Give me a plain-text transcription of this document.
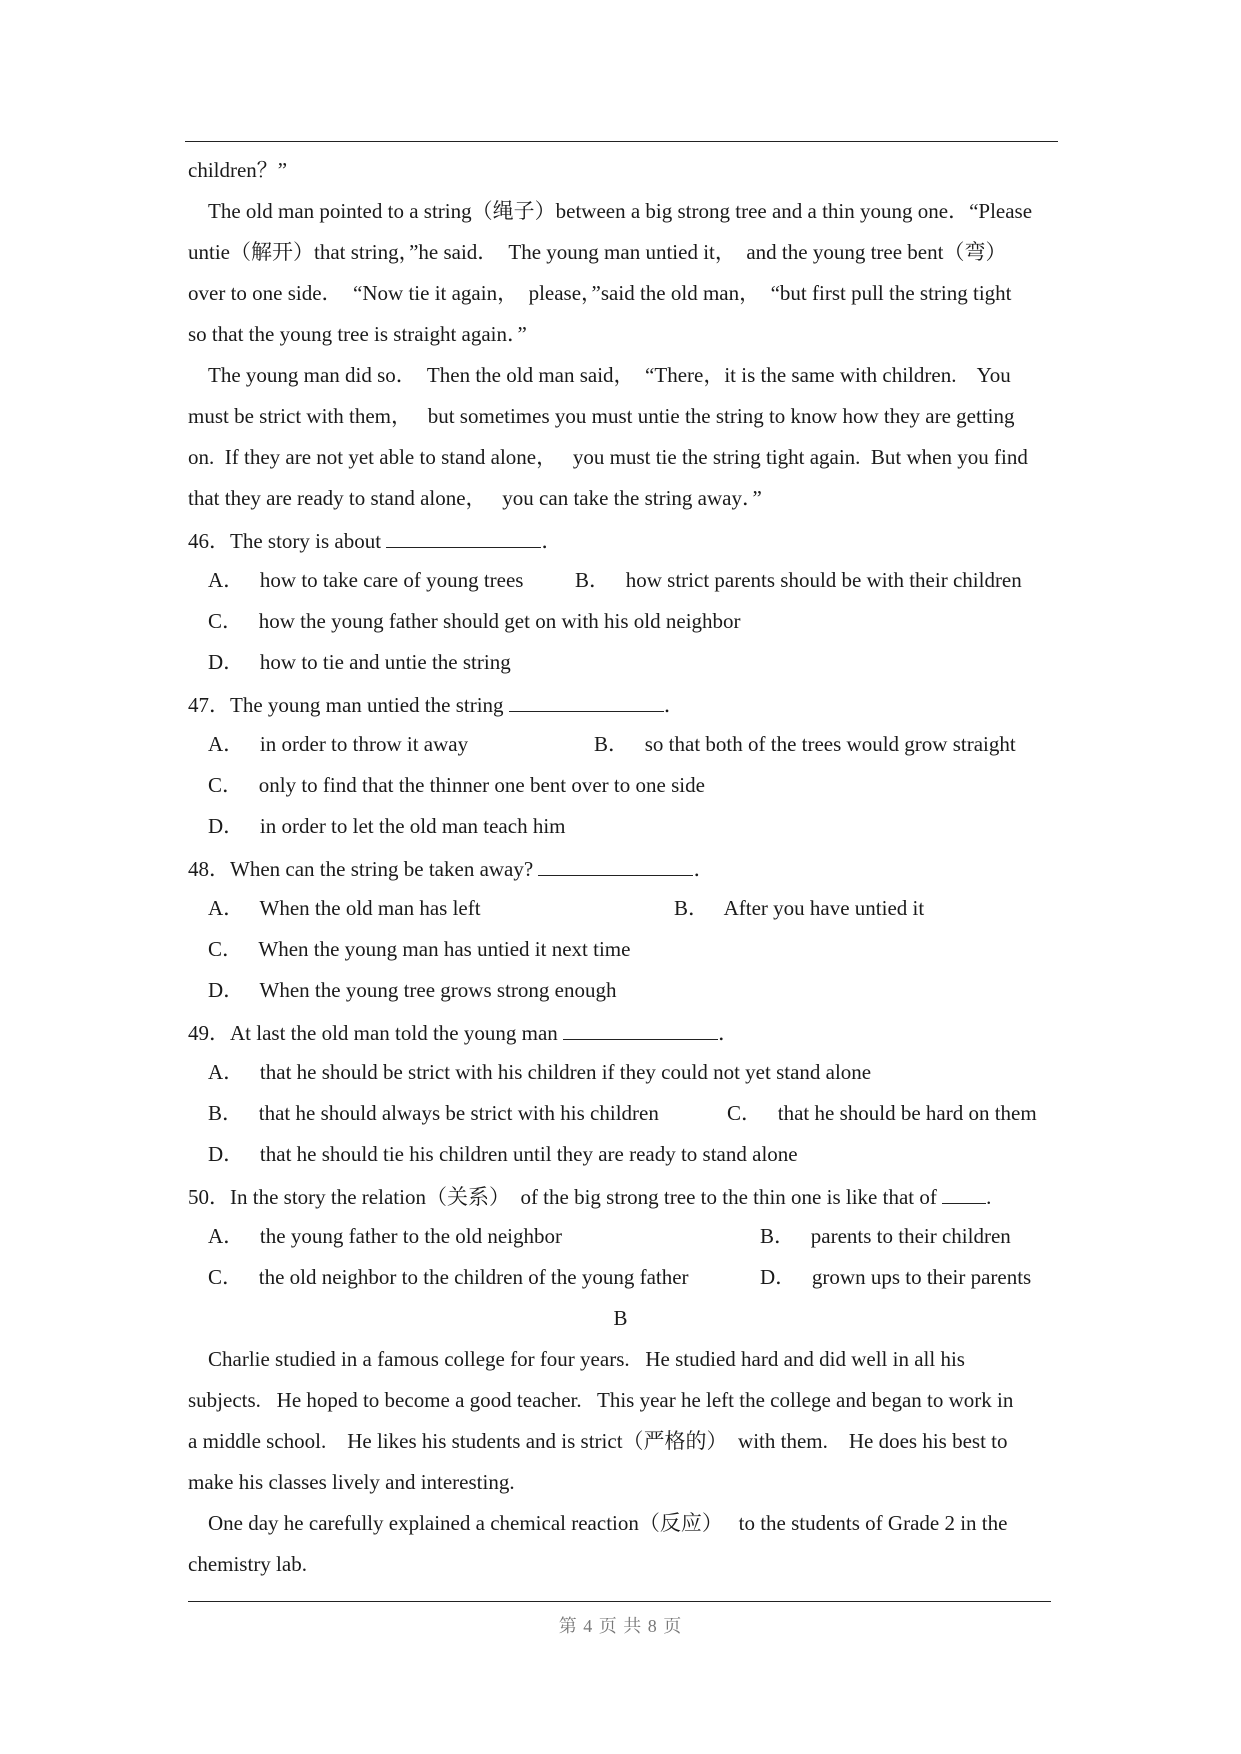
children？”
The old man pointed to a string（绳子）between a big strong tree and a thin young one．“Please
untie（解开）that string，”he said．  The young man untied it，  and the young tree bent（弯）
over to one side．  “Now tie it again，  please，”said the old man，  “but first pull the string tight
so that the young tree is straight again．”
The young man did so．  Then the old man said，  “There，it is the same with children.    You
must be strict with them，   but sometimes you must untie the string to know how they are getting
on.  If they are not yet able to stand alone，   you must tie the string tight again.  But when you find
that they are ready to stand alone，   you can take the string away．”
46．The story is about	．
A．   how to take care of young trees B．   how strict parents should be with their children
C．   how the young father should get on with his old neighbor
D．   how to tie and untie the string
47．The young man untied the string	．
A．   in order to throw it away	B．   so that both of the trees would grow straight
C．   only to find that the thinner one bent over to one side
D．   in order to let the old man teach him
48．When can the string be taken away?	．
A．   When the old man has left	B．   After you have untied it
C．   When the young man has untied it next time
D．   When the young tree grows strong enough
49．At last the old man told the young man	．
A．   that he should be strict with his children if they could not yet stand alone
B．   that he should always be strict with his children	C．   that he should be hard on them
D．   that he should tie his children until they are ready to stand alone
50．In the story the relation（关系）  of the big strong tree to the thin one is like that of .
A．   the young father to the old neighbor	B．   parents to their children
C．   the old neighbor to the children of the young father	D．   grown ups to their parents
B
Charlie studied in a famous college for four years.   He studied hard and did well in all his
subjects.   He hoped to become a good teacher.   This year he left the college and began to work in
a middle school.    He likes his students and is strict（严格的）  with them.    He does his best to
make his classes lively and interesting.
One day he carefully explained a chemical reaction（反应）   to the students of Grade 2 in the
chemistry lab.
第 4 页 共 8 页
